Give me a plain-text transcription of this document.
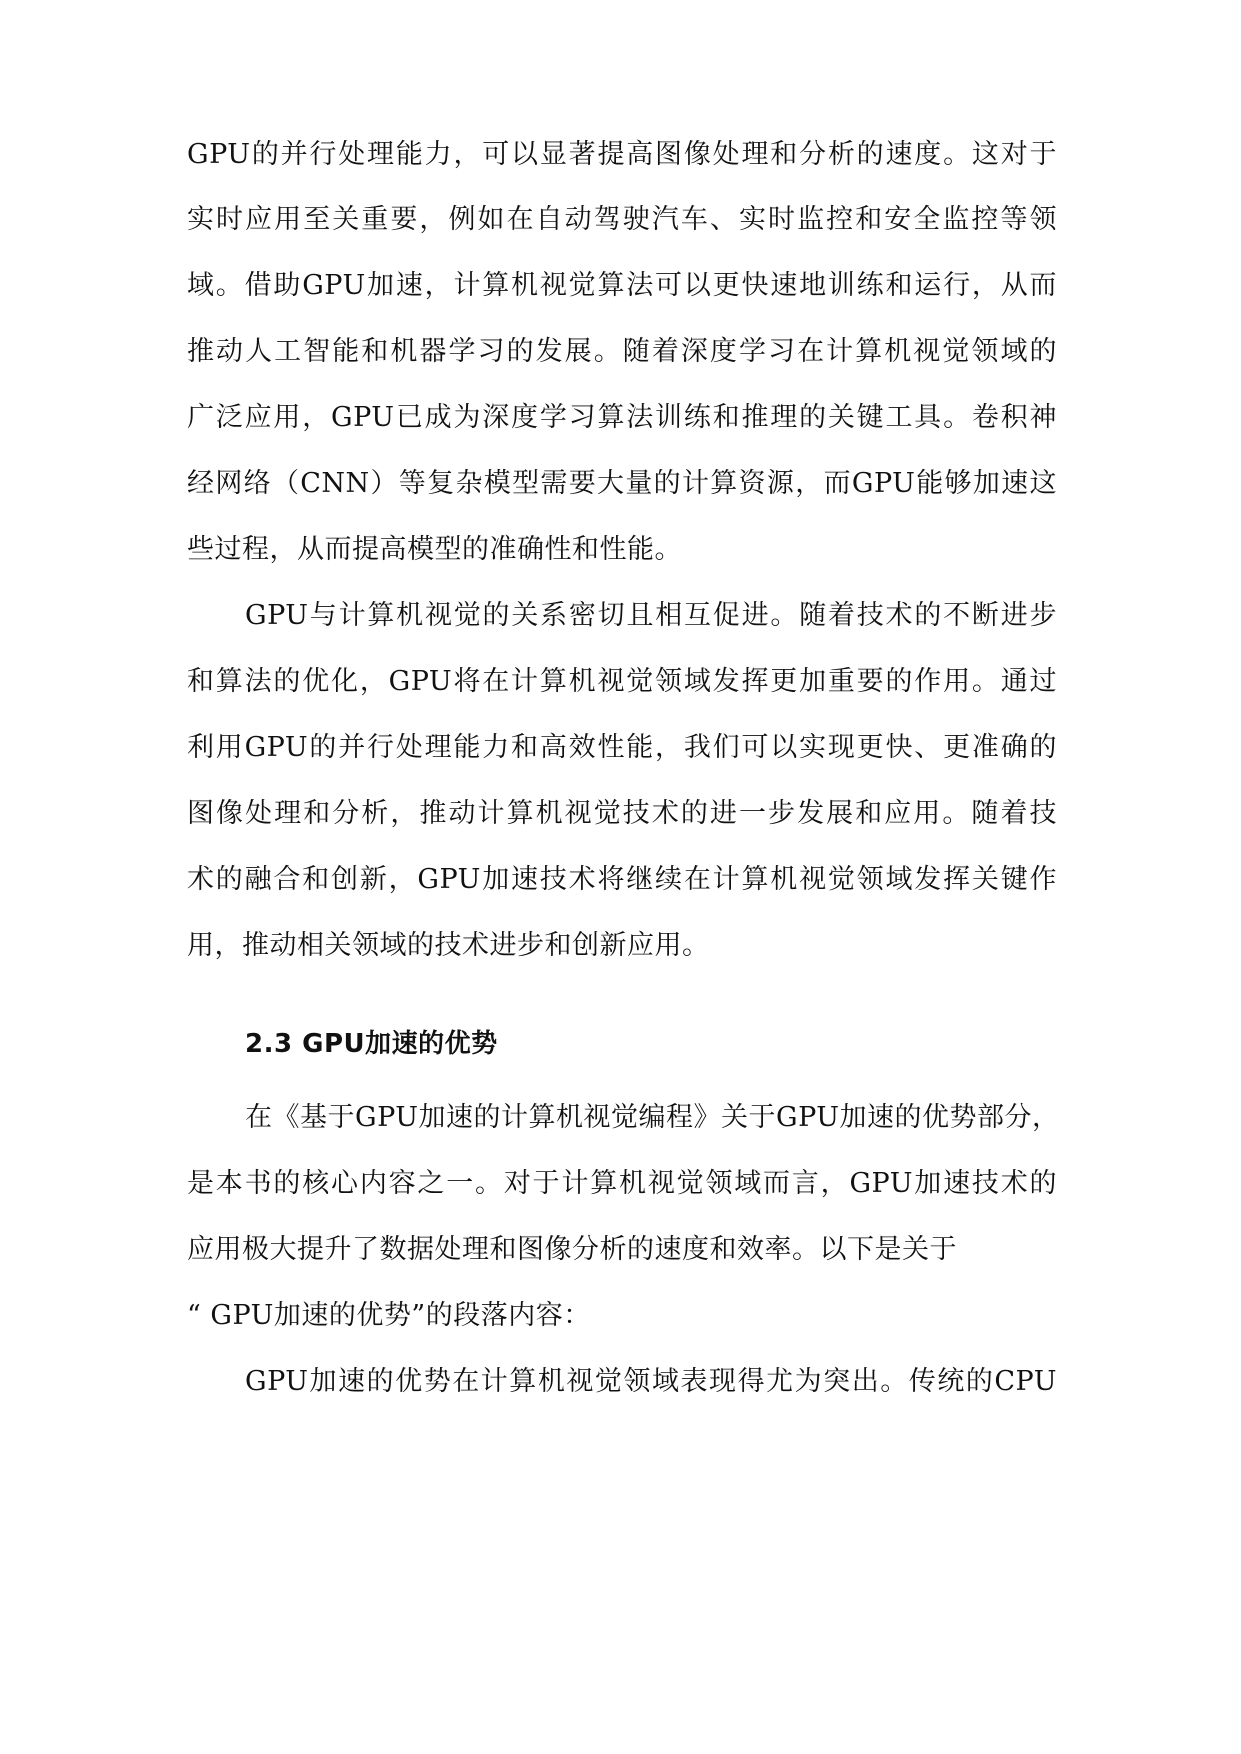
GPU的并行处理能力，可以显著提高图像处理和分析的速度。这对于
实时应用至关重要，例如在自动驾驶汽车、实时监控和安全监控等领
域。借助GPU加速，计算机视觉算法可以更快速地训练和运行，从而
推动人工智能和机器学习的发展。随着深度学习在计算机视觉领域的
广泛应用，GPU已成为深度学习算法训练和推理的关键工具。卷积神
经网络（CNN）等复杂模型需要大量的计算资源，而GPU能够加速这
些过程，从而提高模型的准确性和性能。
GPU与计算机视觉的关系密切且相互促进。随着技术的不断进步
和算法的优化，GPU将在计算机视觉领域发挥更加重要的作用。通过
利用GPU的并行处理能力和高效性能，我们可以实现更快、更准确的
图像处理和分析，推动计算机视觉技术的进一步发展和应用。随着技
术的融合和创新，GPU加速技术将继续在计算机视觉领域发挥关键作
用，推动相关领域的技术进步和创新应用。
2.3 GPU加速的优势
在《基于GPU加速的计算机视觉编程》关于GPU加速的优势部分，
是本书的核心内容之一。对于计算机视觉领域而言，GPU加速技术的
应用极大提升了数据处理和图像分析的速度和效率。以下是关于
“ GPU加速的优势”的段落内容：
GPU加速的优势在计算机视觉领域表现得尤为突出。传统的CPU
